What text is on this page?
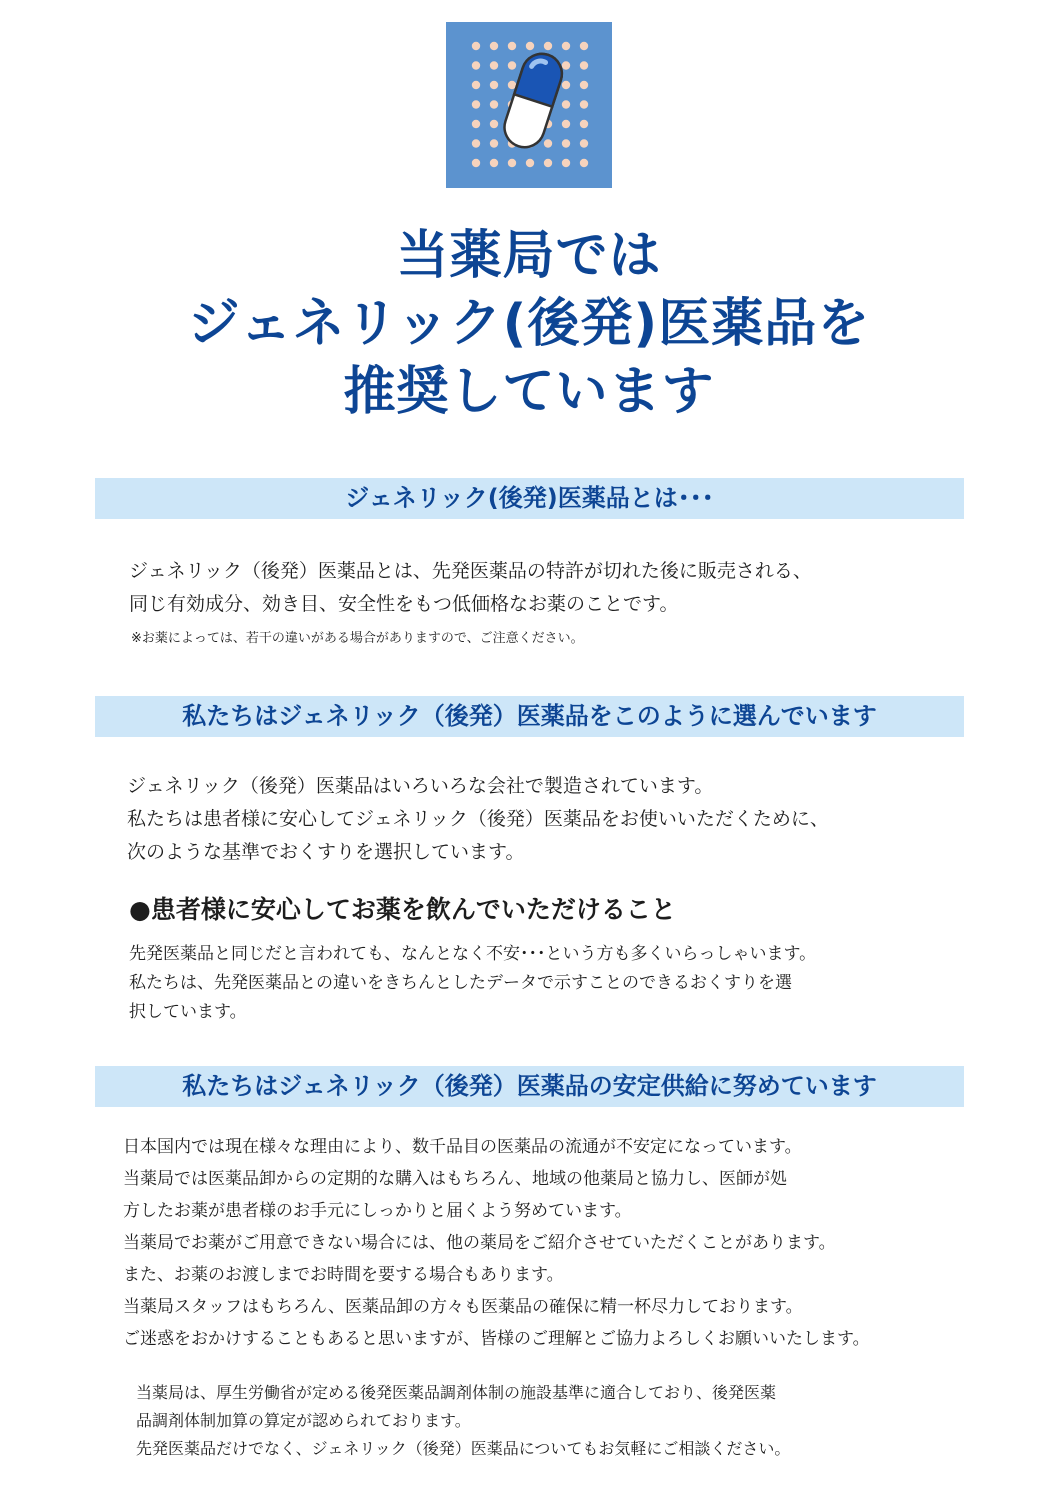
当薬局では
ジェネリック(後発)医薬品を
推奨しています
ジェネリック(後発)医薬品とは･･･
ジェネリック（後発）医薬品とは、先発医薬品の特許が切れた後に販売される、
同じ有効成分、効き目、安全性をもつ低価格なお薬のことです。
※お薬によっては、若干の違いがある場合がありますので、ご注意ください。
私たちはジェネリック（後発）医薬品をこのように選んでいます
ジェネリック（後発）医薬品はいろいろな会社で製造されています。
私たちは患者様に安心してジェネリック（後発）医薬品をお使いいただくために、
次のような基準でおくすりを選択しています。
●患者様に安心してお薬を飲んでいただけること
先発医薬品と同じだと言われても、なんとなく不安･･･という方も多くいらっしゃいます。
私たちは、先発医薬品との違いをきちんとしたデータで示すことのできるおくすりを選
択しています。
私たちはジェネリック（後発）医薬品の安定供給に努めています
日本国内では現在様々な理由により、数千品目の医薬品の流通が不安定になっています。
当薬局では医薬品卸からの定期的な購入はもちろん、地域の他薬局と協力し、医師が処
方したお薬が患者様のお手元にしっかりと届くよう努めています。
当薬局でお薬がご用意できない場合には、他の薬局をご紹介させていただくことがあります。
また、お薬のお渡しまでお時間を要する場合もあります。
当薬局スタッフはもちろん、医薬品卸の方々も医薬品の確保に精一杯尽力しております。
ご迷惑をおかけすることもあると思いますが、皆様のご理解とご協力よろしくお願いいたします。
当薬局は、厚生労働省が定める後発医薬品調剤体制の施設基準に適合しており、後発医薬
品調剤体制加算の算定が認められております。
先発医薬品だけでなく、ジェネリック（後発）医薬品についてもお気軽にご相談ください。
